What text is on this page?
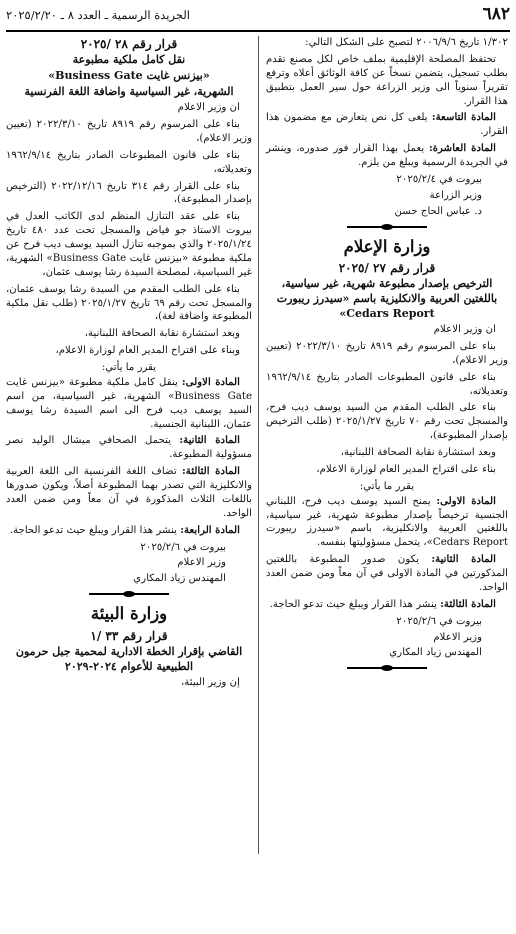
٦٨٢
الجريدة الرسمية ـ العدد ٨ ـ ٢٠٢٥/٢/٢٠

١/٣٠٢ تاريخ ٢٠٠٦/٩/٦ لتصبح على الشكل التالي:

تحتفظ المصلحة الإقليمية بملف خاص لكل مصنع تقدم بطلب تسجيل، يتضمن نسخاً عن كافة الوثائق أعلاه وترفع تقريراً سنوياً الى وزير الزراعة حول سير العمل بتطبيق هذا القرار.

المادة التاسعة: يلغى كل نص يتعارض مع مضمون هذا القرار.

المادة العاشرة: يعمل بهذا القرار فور صدوره، وينشر في الجريدة الرسمية ويبلغ من يلزم.

بيروت في ٢٠٢٥/٢/٤

وزير الزراعة

د. عباس الحاج حسن

وزارة الإعلام

قرار رقم ٢٧ /٢٠٢٥

الترخيص بإصدار مطبوعة شهرية، غير سياسية، باللغتين العربية والانكليزية باسم «سيدرز ريبورت Cedars Report»

ان وزير الاعلام

بناء على المرسوم رقم ٨٩١٩ تاريخ ٢٠٢٢/٣/١٠ (تعيين وزير الاعلام)،

بناء على قانون المطبوعات الصادر بتاريخ ١٩٦٢/٩/١٤ وتعديلاته،

بناء على الطلب المقدم من السيد يوسف ديب فرح، والمسجل تحت رقم ٧٠ تاريخ ٢٠٢٥/١/٢٧ (طلب الترخيص بإصدار المطبوعة)،

وبعد استشارة نقابة الصحافة اللبنانية،

بناء على اقتراح المدير العام لوزارة الاعلام،

يقرر ما يأتي:

المادة الاولى: يمنح السيد يوسف ديب فرح، اللبناني الجنسية ترخيصاً بإصدار مطبوعة شهرية، غير سياسية، باللغتين العربية والانكليزية، باسم «سيدرز ريبورت Cedars Report»، يتحمل مسؤوليتها بنفسه.

المادة الثانية: يكون صدور المطبوعة باللغتين المذكورتين في المادة الاولى في آن معاً ومن ضمن العدد الواحد.

المادة الثالثة: ينشر هذا القرار ويبلغ حيث تدعو الحاجة.

بيروت في ٢٠٢٥/٢/٦

وزير الاعلام

المهندس زياد المكاري

قرار رقم ٢٨ /٢٠٢٥

نقل كامل ملكية مطبوعة

«بيزنس غايت Business Gate»

الشهرية، غير السياسية واضافة اللغة الفرنسية

ان وزير الاعلام

بناء على المرسوم رقم ٨٩١٩ تاريخ ٢٠٢٢/٣/١٠ (تعيين وزير الاعلام)،

بناء على قانون المطبوعات الصادر بتاريخ ١٩٦٢/٩/١٤ وتعديلاته،

بناء على القرار رقم ٣١٤ تاريخ ٢٠٢٢/١٢/١٦ (الترخيص بإصدار المطبوعة)،

بناء على عقد التنازل المنظم لدى الكاتب العدل في بيروت الاستاذ جو فياض والمسجل تحت عدد ٤٨٠ تاريخ ٢٠٢٥/١/٢٤ والذي بموجبه تنازل السيد يوسف ديب فرح عن ملكية مطبوعة «بيزنس غايت Business Gate» الشهرية، غير السياسية، لمصلحة السيدة رشا يوسف عثمان،

بناء على الطلب المقدم من السيدة رشا يوسف عثمان، والمسجل تحت رقم ٦٩ تاريخ ٢٠٢٥/١/٢٧ (طلب نقل ملكية المطبوعة واضافة لغة)،

وبعد استشارة نقابة الصحافة اللبنانية،

وبناء على اقتراح المدير العام لوزارة الاعلام،

يقرر ما يأتي:

المادة الاولى: ينقل كامل ملكية مطبوعة «بيزنس غايت Business Gate» الشهرية، غير السياسية، من اسم السيد يوسف ديب فرح الى اسم السيدة رشا يوسف عثمان، اللبنانية الجنسية.

المادة الثانية: يتحمل الصحافي ميشال الوليد نصر مسؤولية المطبوعة.

المادة الثالثة: تضاف اللغة الفرنسية الى اللغة العربية والانكليزية التي تصدر بهما المطبوعة أصلاً، ويكون صدورها باللغات الثلاث المذكورة في آن معاً ومن ضمن العدد الواحد.

المادة الرابعة: ينشر هذا القرار ويبلغ حيث تدعو الحاجة.

بيروت في ٢٠٢٥/٢/٦

وزير الاعلام

المهندس زياد المكاري

وزارة البيئة

قرار رقم ٣٣ /١

القاضي بإقرار الخطة الادارية لمحمية جبل حرمون الطبيعية للأعوام ٢٠٢٤-٢٠٢٩

إن وزير البيئة،
